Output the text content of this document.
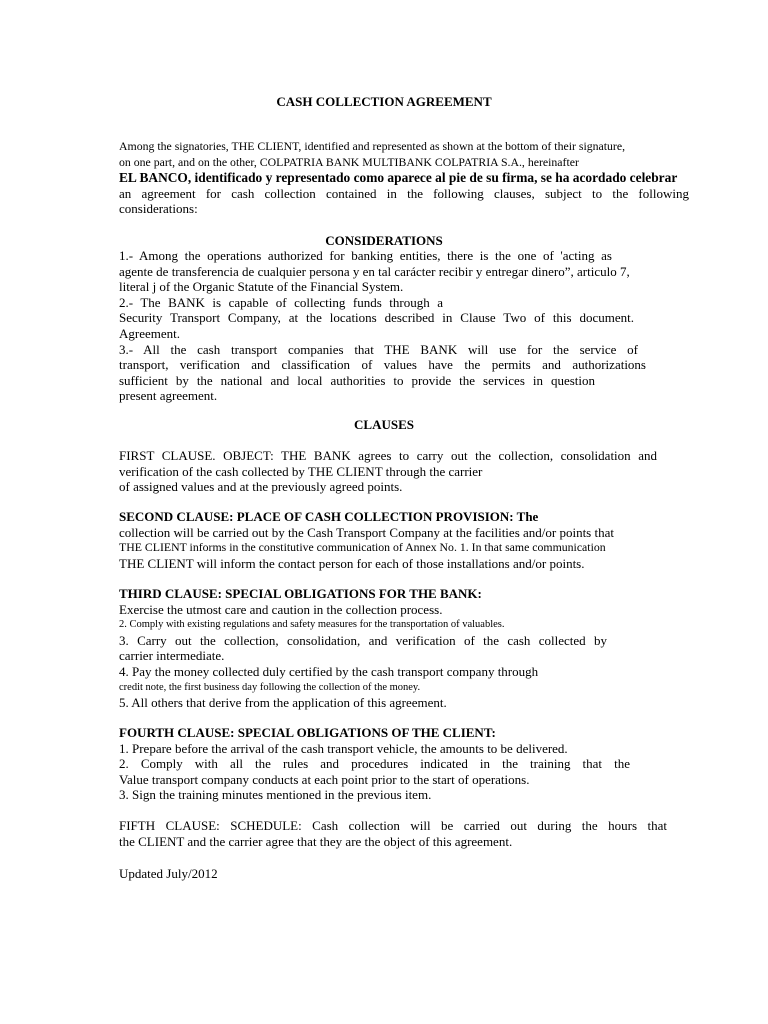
CASH COLLECTION AGREEMENT
Among the signatories, THE CLIENT, identified and represented as shown at the bottom of their signature,
on one part, and on the other, COLPATRIA BANK MULTIBANK COLPATRIA S.A., hereinafter
EL BANCO, identificado y representado como aparece al pie de su firma, se ha acordado celebrar
an agreement for cash collection contained in the following clauses, subject to the following
considerations:
CONSIDERATIONS
1.- Among the operations authorized for banking entities, there is the one of 'acting as
agente de transferencia de cualquier persona y en tal carácter recibir y entregar dinero”, articulo 7,
literal j of the Organic Statute of the Financial System.
2.- The BANK is capable of collecting funds through a
Security Transport Company, at the locations described in Clause Two of this document.
Agreement.
3.- All the cash transport companies that THE BANK will use for the service of
transport, verification and classification of values have the permits and authorizations
sufficient by the national and local authorities to provide the services in question
present agreement.
CLAUSES
FIRST CLAUSE. OBJECT: THE BANK agrees to carry out the collection, consolidation and
verification of the cash collected by THE CLIENT through the carrier
of assigned values and at the previously agreed points.
SECOND CLAUSE: PLACE OF CASH COLLECTION PROVISION: The
collection will be carried out by the Cash Transport Company at the facilities and/or points that
THE CLIENT informs in the constitutive communication of Annex No. 1. In that same communication
THE CLIENT will inform the contact person for each of those installations and/or points.
THIRD CLAUSE: SPECIAL OBLIGATIONS FOR THE BANK:
Exercise the utmost care and caution in the collection process.
2. Comply with existing regulations and safety measures for the transportation of valuables.
3. Carry out the collection, consolidation, and verification of the cash collected by
carrier intermediate.
4. Pay the money collected duly certified by the cash transport company through
credit note, the first business day following the collection of the money.
5. All others that derive from the application of this agreement.
FOURTH CLAUSE: SPECIAL OBLIGATIONS OF THE CLIENT:
1. Prepare before the arrival of the cash transport vehicle, the amounts to be delivered.
2. Comply with all the rules and procedures indicated in the training that the
Value transport company conducts at each point prior to the start of operations.
3. Sign the training minutes mentioned in the previous item.
FIFTH CLAUSE: SCHEDULE: Cash collection will be carried out during the hours that
the CLIENT and the carrier agree that they are the object of this agreement.
Updated July/2012
